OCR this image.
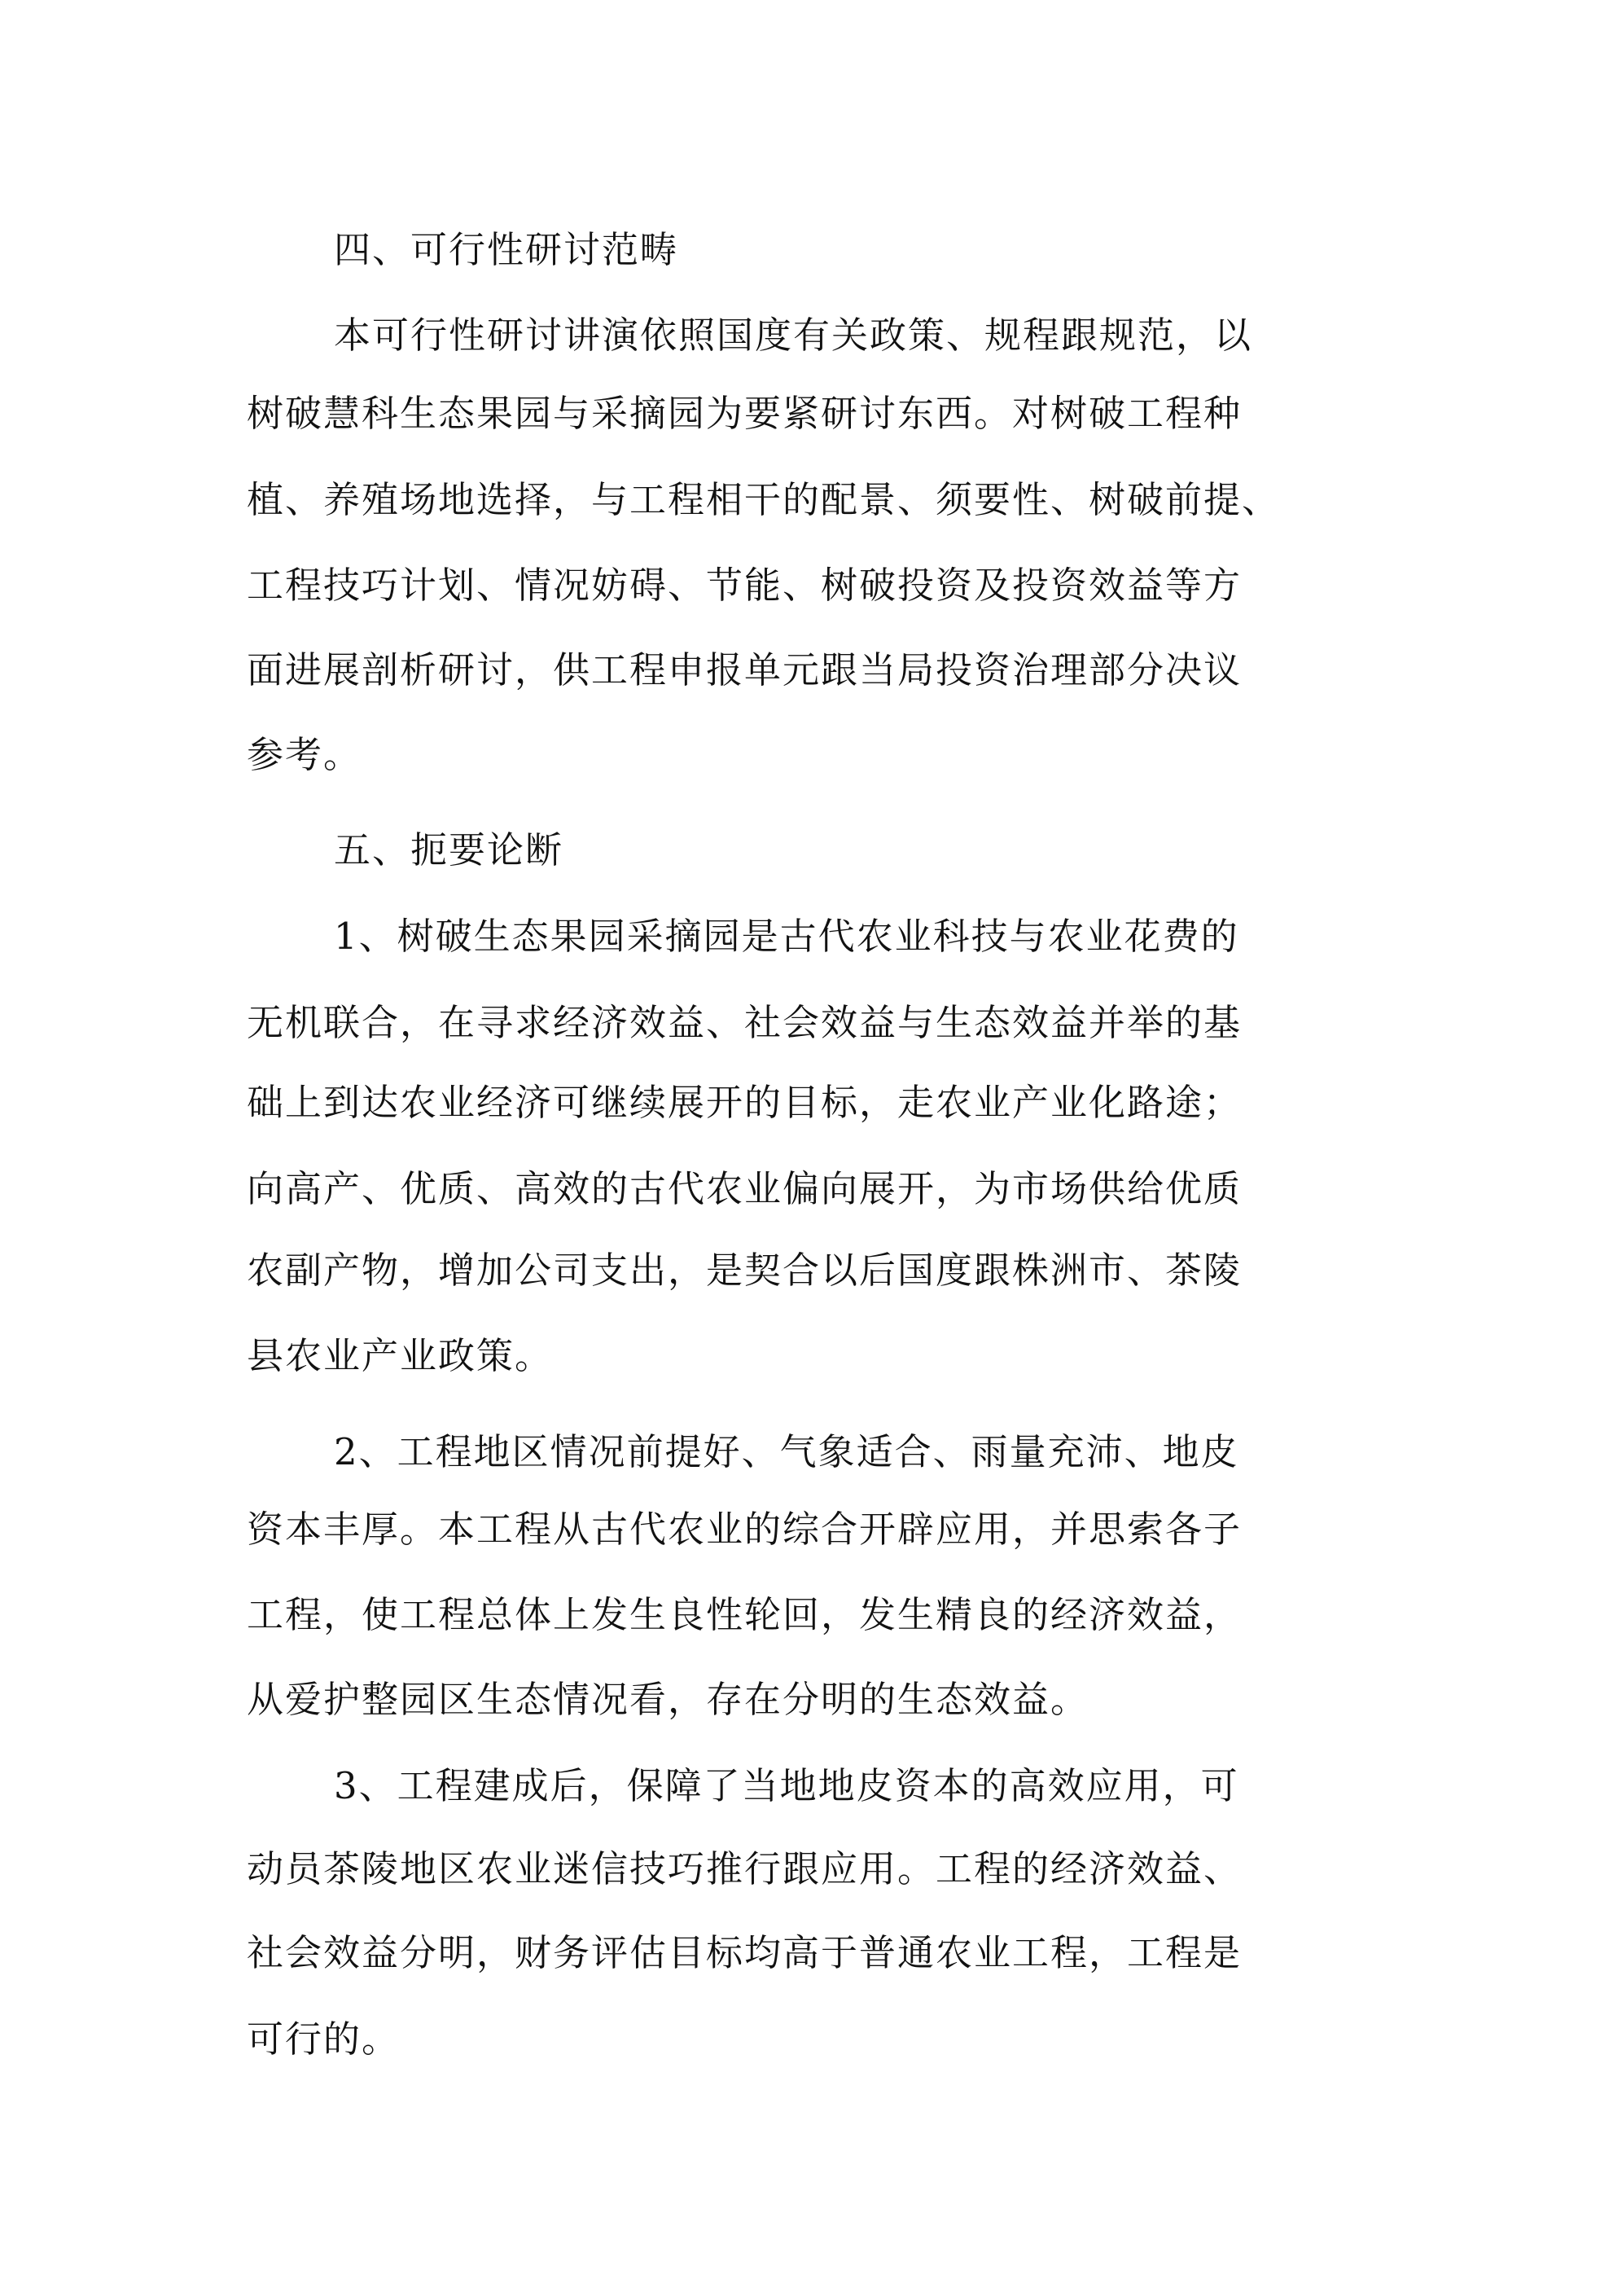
四、可行性研讨范畴
本可行性研讨讲演依照国度有关政策、规程跟规范，以
树破慧科生态果园与采摘园为要紧研讨东西。对树破工程种
植、养殖场地选择，与工程相干的配景、须要性、树破前提、
工程技巧计划、情况妨碍、节能、树破投资及投资效益等方
面进展剖析研讨，供工程申报单元跟当局投资治理部分决议
参考。
五、扼要论断
1、树破生态果园采摘园是古代农业科技与农业花费的
无机联合，在寻求经济效益、社会效益与生态效益并举的基
础上到达农业经济可继续展开的目标，走农业产业化路途；
向高产、优质、高效的古代农业偏向展开，为市场供给优质
农副产物，增加公司支出，是契合以后国度跟株洲市、茶陵
县农业产业政策。
2、工程地区情况前提好、气象适合、雨量充沛、地皮
资本丰厚。本工程从古代农业的综合开辟应用，并思索各子
工程，使工程总体上发生良性轮回，发生精良的经济效益，
从爱护整园区生态情况看，存在分明的生态效益。
3、工程建成后，保障了当地地皮资本的高效应用，可
动员茶陵地区农业迷信技巧推行跟应用。工程的经济效益、
社会效益分明，财务评估目标均高于普通农业工程，工程是
可行的。
